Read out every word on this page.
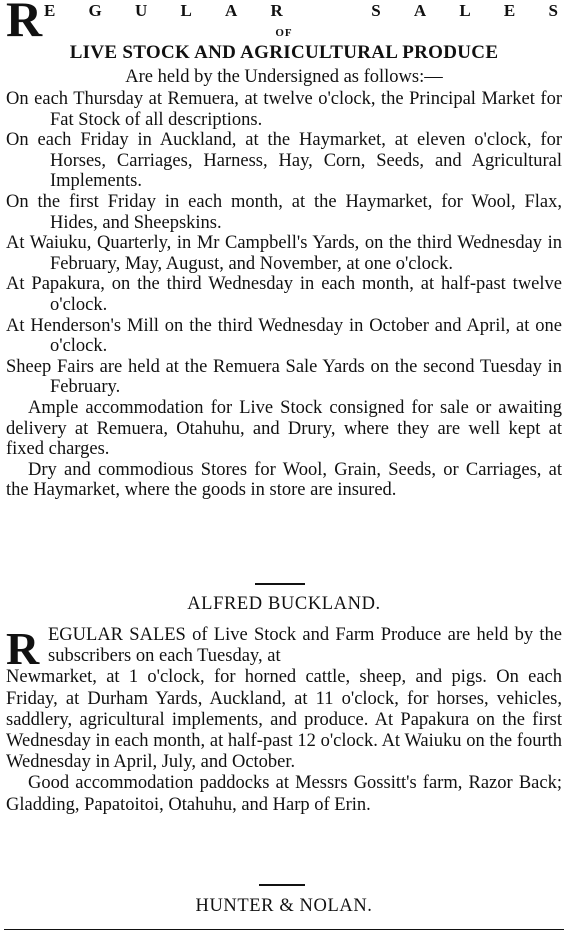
R E G U L A R	S A L E S
OF
LIVE STOCK AND AGRICULTURAL PRODUCE
Are held by the Undersigned as follows:—

On each Thursday at Remuera, at twelve o'clock, the Principal Market for Fat Stock of all descriptions.

On each Friday in Auckland, at the Haymarket, at eleven o'clock, for Horses, Carriages, Harness, Hay, Corn, Seeds, and Agricultural Implements.

On the first Friday in each month, at the Haymarket, for Wool, Flax, Hides, and Sheepskins.

At Waiuku, Quarterly, in Mr Campbell's Yards, on the third Wednesday in February, May, August, and November, at one o'clock.

At Papakura, on the third Wednesday in each month, at half-past twelve o'clock.

At Henderson's Mill on the third Wednesday in October and April, at one o'clock.

Sheep Fairs are held at the Remuera Sale Yards on the second Tuesday in February.

Ample accommodation for Live Stock consigned for sale or awaiting delivery at Remuera, Otahuhu, and Drury, where they are well kept at fixed charges.

Dry and commodious Stores for Wool, Grain, Seeds, or Carriages, at the Haymarket, where the goods in store are insured.

ALFRED BUCKLAND.

R EGULAR SALES of Live Stock and Farm Produce are held by the subscribers on each Tuesday, at

Newmarket, at 1 o'clock, for horned cattle, sheep, and pigs. On each Friday, at Durham Yards, Auckland, at 11 o'clock, for horses, vehicles, saddlery, agricultural implements, and produce. At Papakura on the first Wednesday in each month, at half-past 12 o'clock. At Waiuku on the fourth Wednesday in April, July, and October.

Good accommodation paddocks at Messrs Gossitt's farm, Razor Back; Gladding, Papatoitoi, Otahuhu, and Harp of Erin.

HUNTER & NOLAN.
